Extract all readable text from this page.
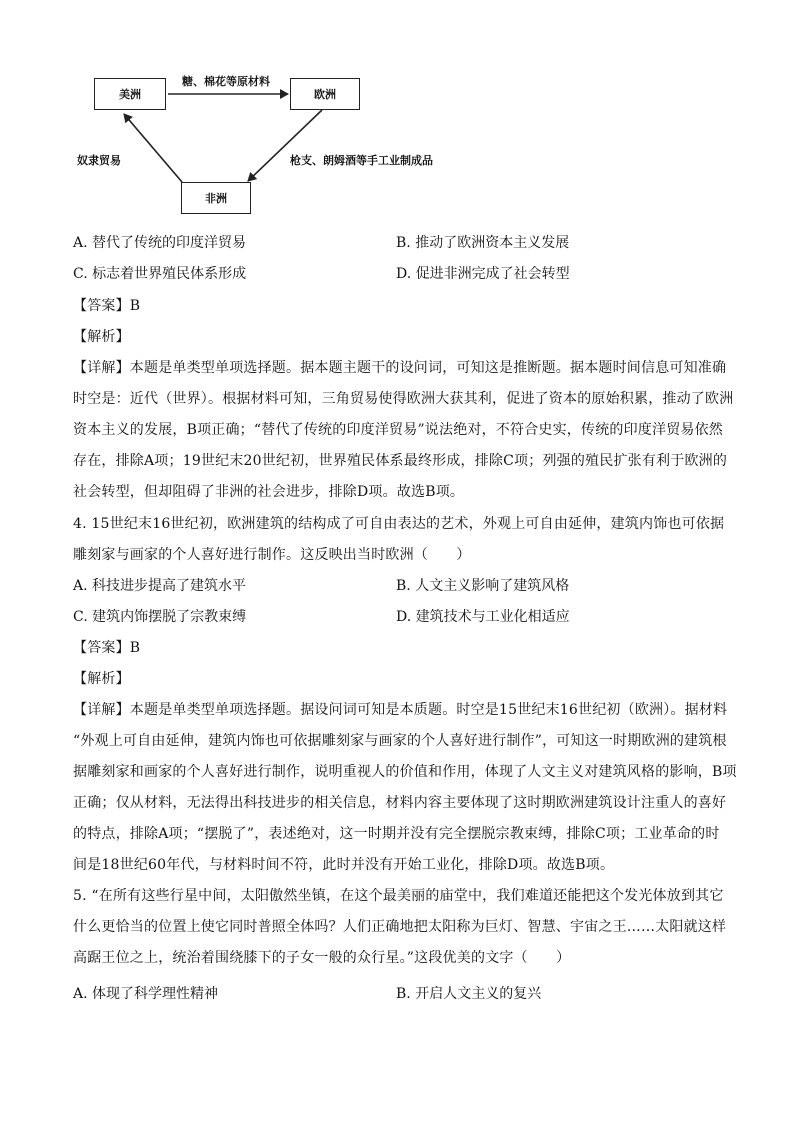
美洲	欧洲
非洲
糖、棉花等原材料
奴隶贸易	枪支、朗姆酒等手工业制成品
A. 替代了传统的印度洋贸易	B. 推动了欧洲资本主义发展
C. 标志着世界殖民体系形成	D. 促进非洲完成了社会转型
【答案】B
【解析】
【详解】本题是单类型单项选择题。据本题主题干的设问词，可知这是推断题。据本题时间信息可知准确
时空是：近代（世界）。根据材料可知，三角贸易使得欧洲大获其利，促进了资本的原始积累，推动了欧洲
资本主义的发展，B项正确；“替代了传统的印度洋贸易”说法绝对，不符合史实，传统的印度洋贸易依然
存在，排除A项；19世纪末20世纪初，世界殖民体系最终形成，排除C项；列强的殖民扩张有利于欧洲的
社会转型，但却阻碍了非洲的社会进步，排除D项。故选B项。
4. 15世纪末16世纪初，欧洲建筑的结构成了可自由表达的艺术，外观上可自由延伸，建筑内饰也可依据
雕刻家与画家的个人喜好进行制作。这反映出当时欧洲（　　）
A. 科技进步提高了建筑水平	B. 人文主义影响了建筑风格
C. 建筑内饰摆脱了宗教束缚	D. 建筑技术与工业化相适应
【答案】B
【解析】
【详解】本题是单类型单项选择题。据设问词可知是本质题。时空是15世纪末16世纪初（欧洲）。据材料
“外观上可自由延伸，建筑内饰也可依据雕刻家与画家的个人喜好进行制作”，可知这一时期欧洲的建筑根
据雕刻家和画家的个人喜好进行制作，说明重视人的价值和作用，体现了人文主义对建筑风格的影响，B项
正确；仅从材料，无法得出科技进步的相关信息，材料内容主要体现了这时期欧洲建筑设计注重人的喜好
的特点，排除A项；“摆脱了”，表述绝对，这一时期并没有完全摆脱宗教束缚，排除C项；工业革命的时
间是18世纪60年代，与材料时间不符，此时并没有开始工业化，排除D项。故选B项。
5. “在所有这些行星中间，太阳傲然坐镇，在这个最美丽的庙堂中，我们难道还能把这个发光体放到其它
什么更恰当的位置上使它同时普照全体吗？人们正确地把太阳称为巨灯、智慧、宇宙之王……太阳就这样
高踞王位之上，统治着围绕膝下的子女一般的众行星。”这段优美的文字（　　）
A. 体现了科学理性精神	B. 开启人文主义的复兴
